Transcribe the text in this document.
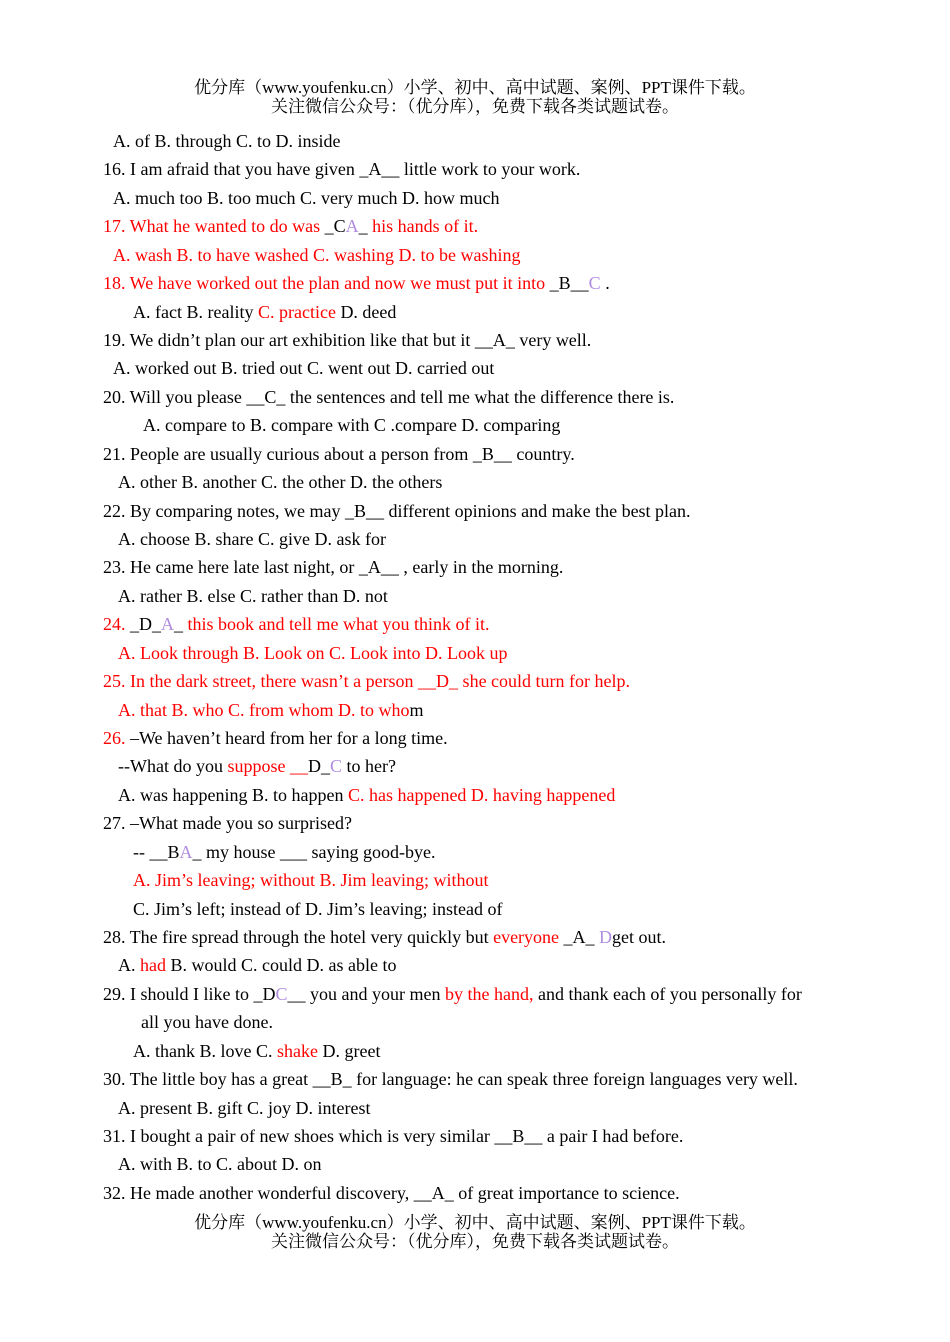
优分库（www.youfenku.cn）小学、初中、高中试题、案例、PPT课件下载。
关注微信公众号：（优分库），免费下载各类试题试卷。
A. of B. through C. to D. inside
16. I am afraid that you have given _A__ little work to your work.
A. much too B. too much C. very much D. how much
17. What he wanted to do was _CA_ his hands of it.
A. wash B. to have washed C. washing D. to be washing
18. We have worked out the plan and now we must put it into _B__C .
A. fact B. reality C. practice D. deed
19. We didn’t plan our art exhibition like that but it __A_ very well.
A. worked out B. tried out C. went out D. carried out
20. Will you please __C_ the sentences and tell me what the difference there is.
A. compare to B. compare with C .compare D. comparing
21. People are usually curious about a person from _B__ country.
A. other B. another C. the other D. the others
22. By comparing notes, we may _B__ different opinions and make the best plan.
A. choose B. share C. give D. ask for
23. He came here late last night, or _A__ , early in the morning.
A. rather B. else C. rather than D. not
24. _D_A_ this book and tell me what you think of it.
A. Look through B. Look on C. Look into D. Look up
25. In the dark street, there wasn’t a person __D_ she could turn for help.
A. that B. who C. from whom D. to whom
26. –We haven’t heard from her for a long time.
--What do you suppose __D_C to her?
A. was happening B. to happen C. has happened D. having happened
27. –What made you so surprised?
-- __BA_ my house ___ saying good-bye.
A. Jim’s leaving; without B. Jim leaving; without
C. Jim’s left; instead of D. Jim’s leaving; instead of
28. The fire spread through the hotel very quickly but everyone _A_ Dget out.
A. had B. would C. could D. as able to
29. I should I like to _DC__ you and your men by the hand, and thank each of you personally for
all you have done.
A. thank B. love C. shake D. greet
30. The little boy has a great __B_ for language: he can speak three foreign languages very well.
A. present B. gift C. joy D. interest
31. I bought a pair of new shoes which is very similar __B__ a pair I had before.
A. with B. to C. about D. on
32. He made another wonderful discovery, __A_ of great importance to science.
优分库（www.youfenku.cn）小学、初中、高中试题、案例、PPT课件下载。
关注微信公众号：（优分库），免费下载各类试题试卷。
